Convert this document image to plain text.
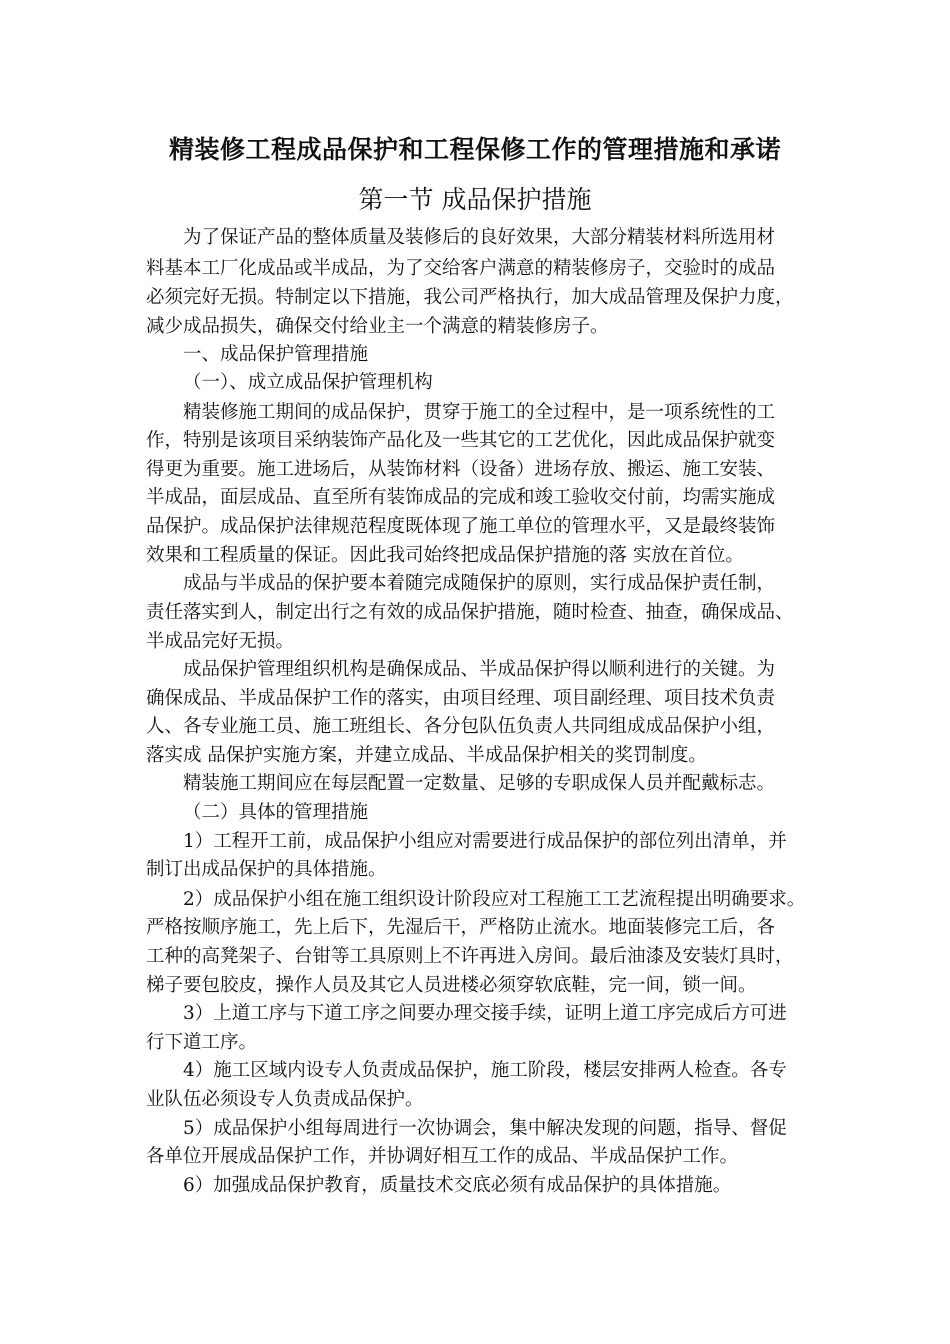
精装修工程成品保护和工程保修工作的管理措施和承诺
第一节 成品保护措施
为了保证产品的整体质量及装修后的良好效果，大部分精装材料所选用材
料基本工厂化成品或半成品，为了交给客户满意的精装修房子，交验时的成品
必须完好无损。特制定以下措施，我公司严格执行，加大成品管理及保护力度，
减少成品损失，确保交付给业主一个满意的精装修房子。
一、成品保护管理措施
（一）、成立成品保护管理机构
精装修施工期间的成品保护，贯穿于施工的全过程中，是一项系统性的工
作，特别是该项目采纳装饰产品化及一些其它的工艺优化，因此成品保护就变
得更为重要。施工进场后，从装饰材料（设备）进场存放、搬运、施工安装、
半成品，面层成品、直至所有装饰成品的完成和竣工验收交付前，均需实施成
品保护。成品保护法律规范程度既体现了施工单位的管理水平，又是最终装饰
效果和工程质量的保证。因此我司始终把成品保护措施的落 实放在首位。
成品与半成品的保护要本着随完成随保护的原则，实行成品保护责任制，
责任落实到人，制定出行之有效的成品保护措施，随时检查、抽查，确保成品、
半成品完好无损。
成品保护管理组织机构是确保成品、半成品保护得以顺利进行的关键。为
确保成品、半成品保护工作的落实，由项目经理、项目副经理、项目技术负责
人、各专业施工员、施工班组长、各分包队伍负责人共同组成成品保护小组，
落实成 品保护实施方案，并建立成品、半成品保护相关的奖罚制度。
精装施工期间应在每层配置一定数量、足够的专职成保人员并配戴标志。
（二）具体的管理措施
1）工程开工前，成品保护小组应对需要进行成品保护的部位列出清单，并
制订出成品保护的具体措施。
2）成品保护小组在施工组织设计阶段应对工程施工工艺流程提出明确要求。
严格按顺序施工，先上后下，先湿后干，严格防止流水。地面装修完工后，各
工种的高凳架子、台钳等工具原则上不许再进入房间。最后油漆及安装灯具时，
梯子要包胶皮，操作人员及其它人员进楼必须穿软底鞋，完一间，锁一间。
3）上道工序与下道工序之间要办理交接手续，证明上道工序完成后方可进
行下道工序。
4）施工区域内设专人负责成品保护，施工阶段，楼层安排两人检查。各专
业队伍必须设专人负责成品保护。
5）成品保护小组每周进行一次协调会，集中解决发现的问题，指导、督促
各单位开展成品保护工作，并协调好相互工作的成品、半成品保护工作。
6）加强成品保护教育，质量技术交底必须有成品保护的具体措施。
